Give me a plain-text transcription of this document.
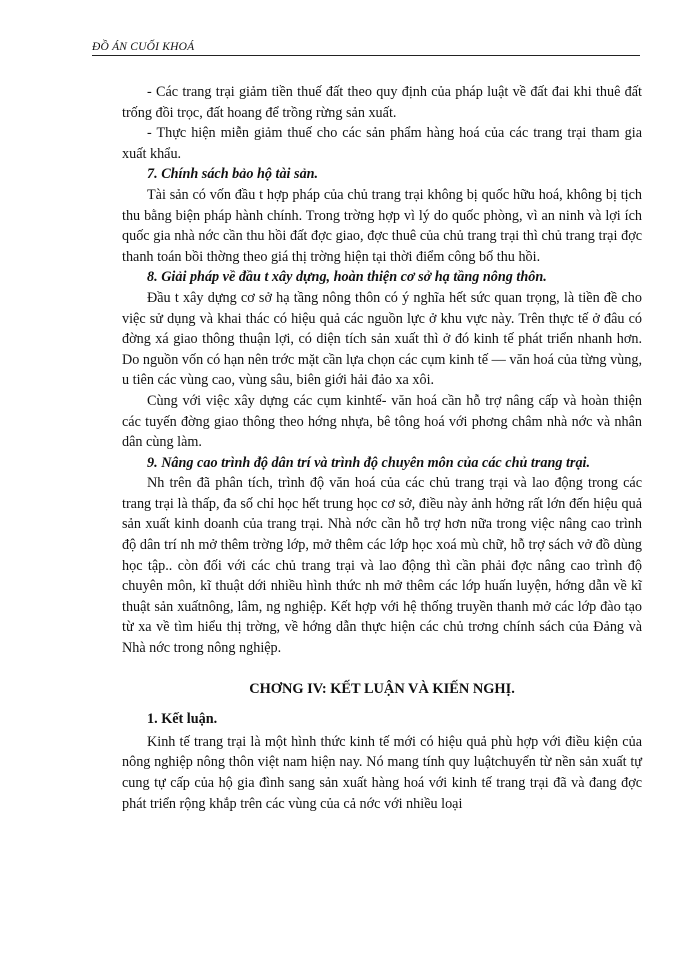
ĐỒ ÁN CUỐI KHOÁ

- Các trang trại giảm tiền thuế đất theo quy định của pháp luật về đất đai khi thuê đất trống đồi trọc, đất hoang để trồng rừng sản xuất.

- Thực hiện miễn giảm thuế cho các sản phẩm hàng hoá của các trang trại tham gia xuất khẩu.

7. Chính sách bảo hộ tài sản.

Tài sản có vốn đầu t hợp pháp của chủ trang trại không bị quốc hữu hoá, không bị tịch thu bằng biện pháp hành chính. Trong trờng hợp vì lý do quốc phòng, vì an ninh và lợi ích quốc gia nhà nớc cần thu hồi đất đợc giao, đợc thuê của chủ trang trại thì chủ trang trại đợc thanh toán bồi thờng theo giá thị trờng hiện tại thời điểm công bố thu hồi.

8. Giải pháp về đầu t xây dựng, hoàn thiện cơ sở hạ tầng nông thôn.

Đầu t xây dựng cơ sở hạ tầng nông thôn có ý nghĩa hết sức quan trọng, là tiền đề cho việc sử dụng và khai thác có hiệu quả các nguồn lực ở khu vực này. Trên thực tế ở đâu có đờng xá giao thông thuận lợi, có diện tích sản xuất thì ở đó kinh tế phát triển nhanh hơn. Do nguồn vốn có hạn nên trớc mặt cần lựa chọn các cụm kinh tế — văn hoá của từng vùng, u tiên các vùng cao, vùng sâu, biên giới hải đảo xa xôi.

Cùng với việc xây dựng các cụm kinhtế- văn hoá cần hỗ trợ nâng cấp và hoàn thiện các tuyến đờng giao thông theo hớng nhựa, bê tông hoá với phơng châm nhà nớc và nhân dân cùng làm.

9. Nâng cao trình độ dân trí và trình độ chuyên môn của các chủ trang trại.

Nh trên đã phân tích, trình độ văn hoá của các chủ trang trại và lao động trong các trang trại là thấp, đa số chỉ học hết trung học cơ sở, điều này ảnh hởng rất lớn đến hiệu quả sản xuất kinh doanh của trang trại. Nhà nớc cần hỗ trợ hơn nữa trong việc nâng cao trình độ dân trí nh mở thêm trờng lớp, mở thêm các lớp học xoá mù chữ, hỗ trợ sách vở đồ dùng học tập.. còn đối với các chủ trang trại và lao động thì cần phải đợc nâng cao trình độ chuyên môn, kĩ thuật dới nhiều hình thức nh mở thêm các lớp huấn luyện, hớng dẫn về kĩ thuật sản xuấtnông, lâm, ng nghiệp. Kết hợp với hệ thống truyền thanh mở các lớp đào tạo từ xa về tìm hiểu thị trờng, về hớng dẫn thực hiện các chủ trơng chính sách của Đảng và Nhà nớc trong nông nghiệp.

CHƠNG IV: KẾT LUẬN VÀ KIẾN NGHỊ.
1. Kết luận.

Kinh tế trang trại là một hình thức kinh tế mới có hiệu quả phù hợp với điều kiện của nông nghiệp nông thôn việt nam hiện nay. Nó mang tính quy luậtchuyển từ nền sản xuất tự cung tự cấp của hộ gia đình sang sản xuất hàng hoá với kinh tế trang trại đã và đang đợc phát triển rộng khắp trên các vùng của cả nớc với nhiều loại
